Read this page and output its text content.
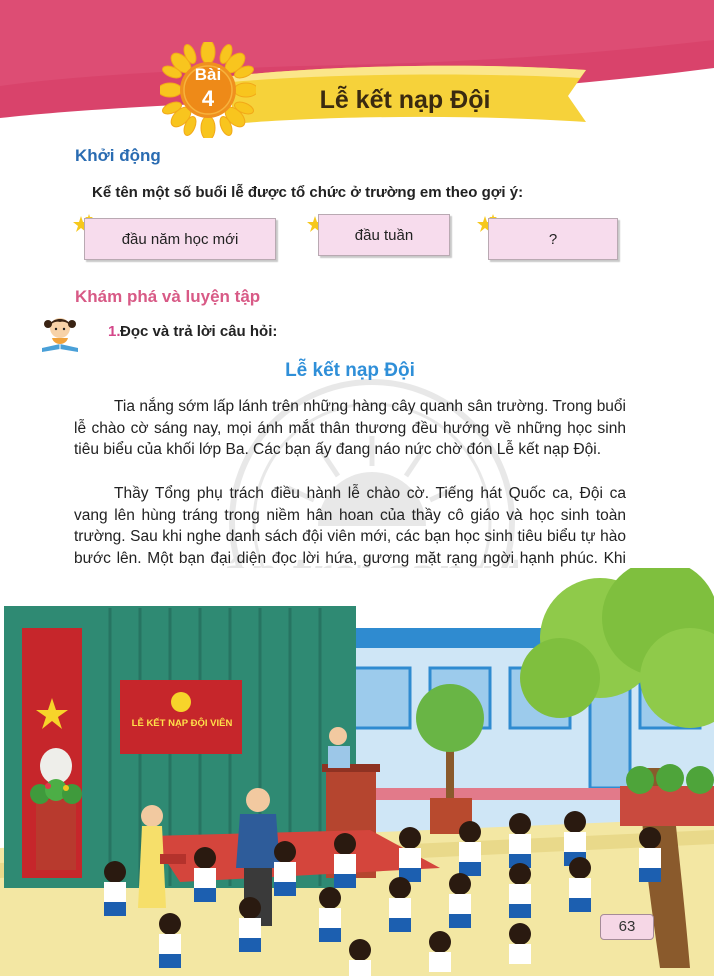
Bài
4	Lễ kết nạp Đội
Khởi động
Kể tên một số buổi lễ được tổ chức ở trường em theo gợi ý:
đầu năm học mới	đầu tuần	?
Khám phá và luyện tập
1. Đọc và trả lời câu hỏi:
Lễ kết nạp Đội

Tia nắng sớm lấp lánh trên những hàng cây quanh sân trường. Trong buổi lễ chào cờ sáng nay, mọi ánh mắt thân thương đều hướng về những học sinh tiêu biểu của khối lớp Ba. Các bạn ấy đang náo nức chờ đón Lễ kết nạp Đội.

Thầy Tổng phụ trách điều hành lễ chào cờ. Tiếng hát Quốc ca, Đội ca vang lên hùng tráng trong niềm hân hoan của thầy cô giáo và học sinh toàn trường. Sau khi nghe danh sách đội viên mới, các bạn học sinh tiêu biểu tự hào bước lên. Một bạn đại diện đọc lời hứa, gương mặt rạng ngời hạnh phúc. Khi

LỄ KẾT NẠP ĐỘI VIÊN
63
